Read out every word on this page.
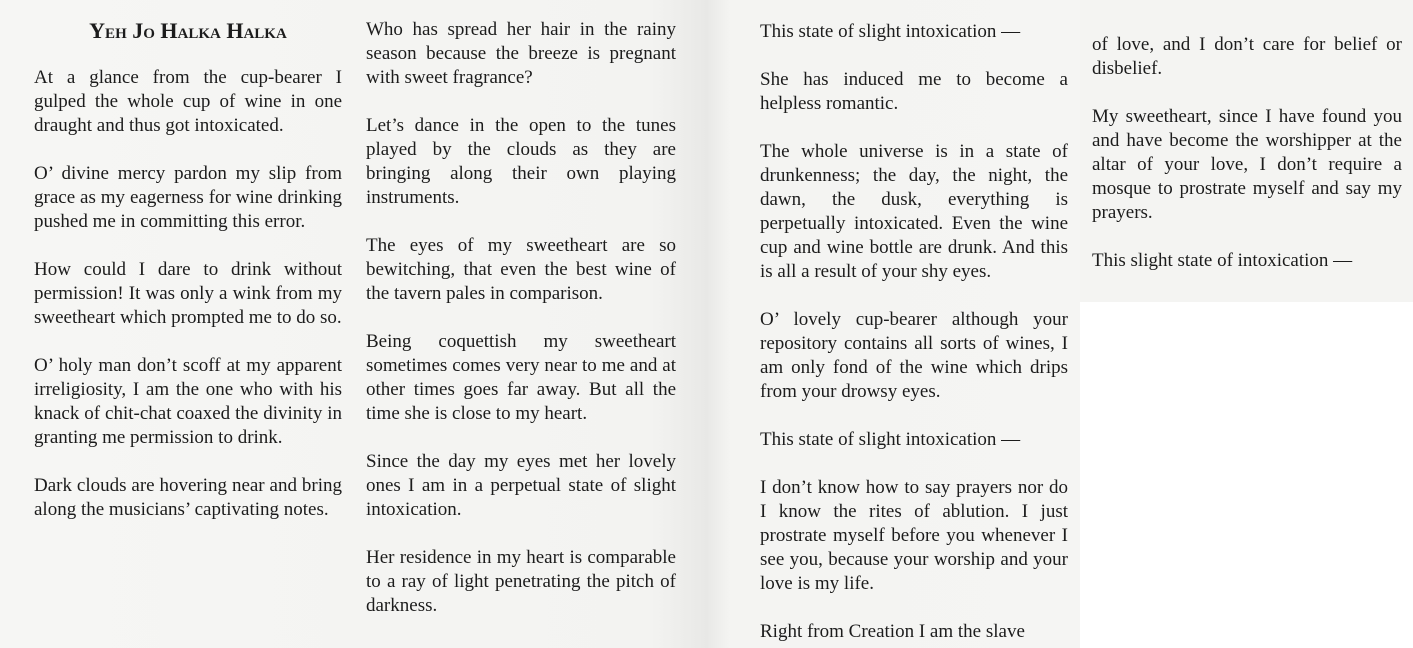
Yeh Jo Halka Halka

At a glance from the cup-bearer I gulped the whole cup of wine in one draught and thus got intoxicated.

O’ divine mercy pardon my slip from grace as my eagerness for wine drinking pushed me in committing this error.

How could I dare to drink without permission! It was only a wink from my sweetheart which prompted me to do so.

O’ holy man don’t scoff at my apparent irreligiosity, I am the one who with his knack of chit-chat coaxed the divinity in granting me permission to drink.

Dark clouds are hovering near and bring along the musicians’ captivating notes.

Who has spread her hair in the rainy season because the breeze is pregnant with sweet fragrance?

Let’s dance in the open to the tunes played by the clouds as they are bringing along their own playing instruments.

The eyes of my sweetheart are so bewitching, that even the best wine of the tavern pales in comparison.

Being coquettish my sweetheart sometimes comes very near to me and at other times goes far away. But all the time she is close to my heart.

Since the day my eyes met her lovely ones I am in a perpetual state of slight intoxication.

Her residence in my heart is comparable to a ray of light penetrating the pitch of darkness.

This state of slight intoxication —

She has induced me to become a helpless romantic.

The whole universe is in a state of drunkenness; the day, the night, the dawn, the dusk, everything is perpetually intoxicated. Even the wine cup and wine bottle are drunk. And this is all a result of your shy eyes.

O’ lovely cup-bearer although your repository contains all sorts of wines, I am only fond of the wine which drips from your drowsy eyes.

This state of slight intoxication —

I don’t know how to say prayers nor do I know the rites of ablution. I just prostrate myself before you whenever I see you, because your worship and your love is my life.

Right from Creation I am the slave

of love, and I don’t care for belief or disbelief.

My sweetheart, since I have found you and have become the worshipper at the altar of your love, I don’t require a mosque to prostrate myself and say my prayers.

This slight state of intoxication —
